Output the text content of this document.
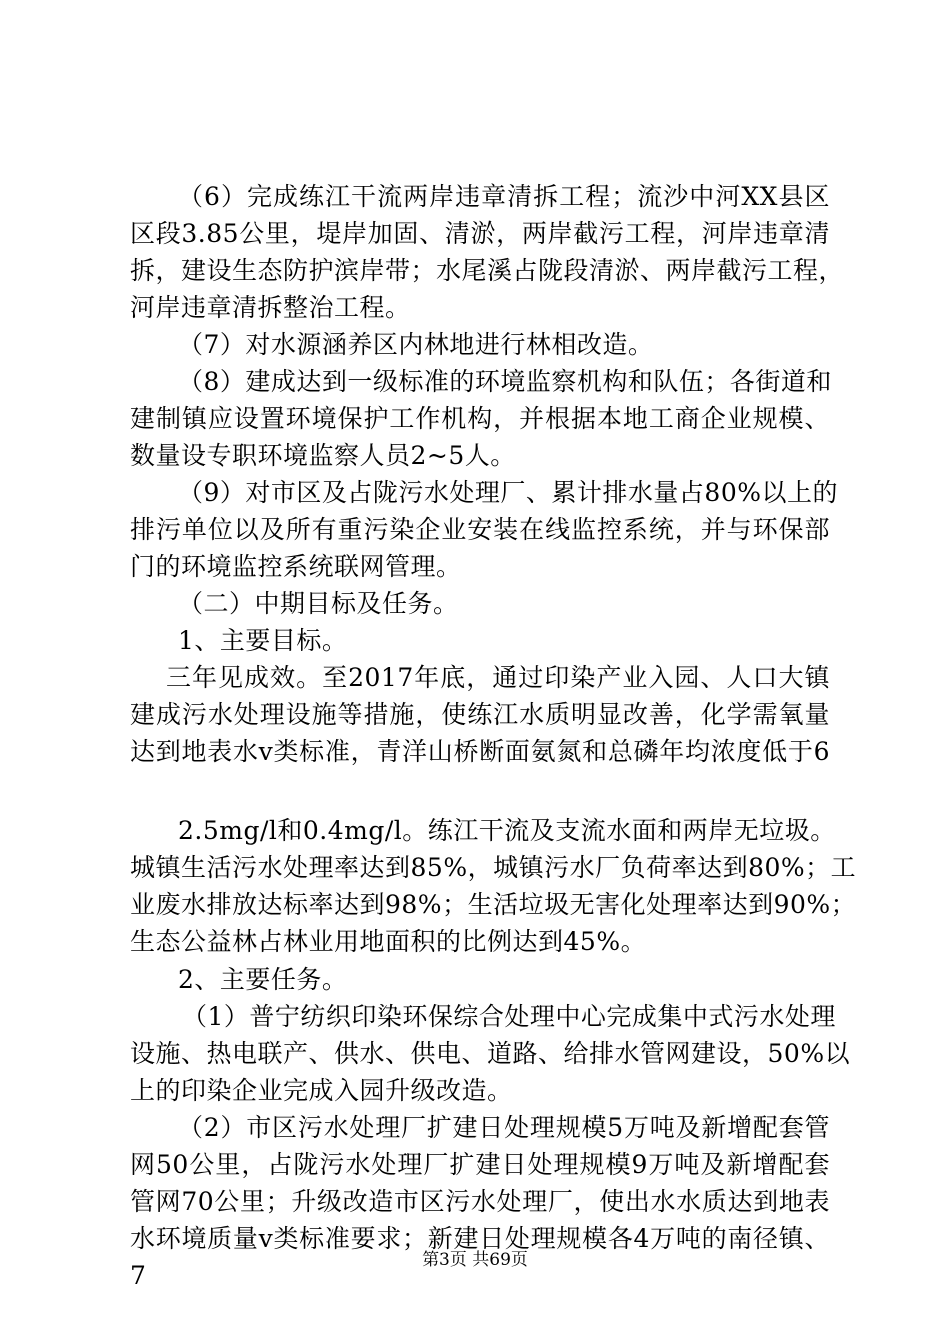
（6）完成练江干流两岸违章清拆工程；流沙中河XX县区
区段3.85公里，堤岸加固、清淤，两岸截污工程，河岸违章清
拆，建设生态防护滨岸带；水尾溪占陇段清淤、两岸截污工程，
河岸违章清拆整治工程。
（7）对水源涵养区内林地进行林相改造。
（8）建成达到一级标准的环境监察机构和队伍；各街道和
建制镇应设置环境保护工作机构，并根据本地工商企业规模、
数量设专职环境监察人员2~5人。
（9）对市区及占陇污水处理厂、累计排水量占80%以上的
排污单位以及所有重污染企业安装在线监控系统，并与环保部
门的环境监控系统联网管理。
（二）中期目标及任务。
1、主要目标。
三年见成效。至2017年底，通过印染产业入园、人口大镇
建成污水处理设施等措施，使练江水质明显改善，化学需氧量
达到地表水v类标准，青洋山桥断面氨氮和总磷年均浓度低于6
2.5mg/l和0.4mg/l。练江干流及支流水面和两岸无垃圾。
城镇生活污水处理率达到85%，城镇污水厂负荷率达到80%；工
业废水排放达标率达到98%；生活垃圾无害化处理率达到90%；
生态公益林占林业用地面积的比例达到45%。
2、主要任务。
（1）普宁纺织印染环保综合处理中心完成集中式污水处理
设施、热电联产、供水、供电、道路、给排水管网建设，50%以
上的印染企业完成入园升级改造。
（2）市区污水处理厂扩建日处理规模5万吨及新增配套管
网50公里，占陇污水处理厂扩建日处理规模9万吨及新增配套
管网70公里；升级改造市区污水处理厂，使出水水质达到地表
水环境质量v类标准要求；新建日处理规模各4万吨的南径镇、
7
第3页 共69页
